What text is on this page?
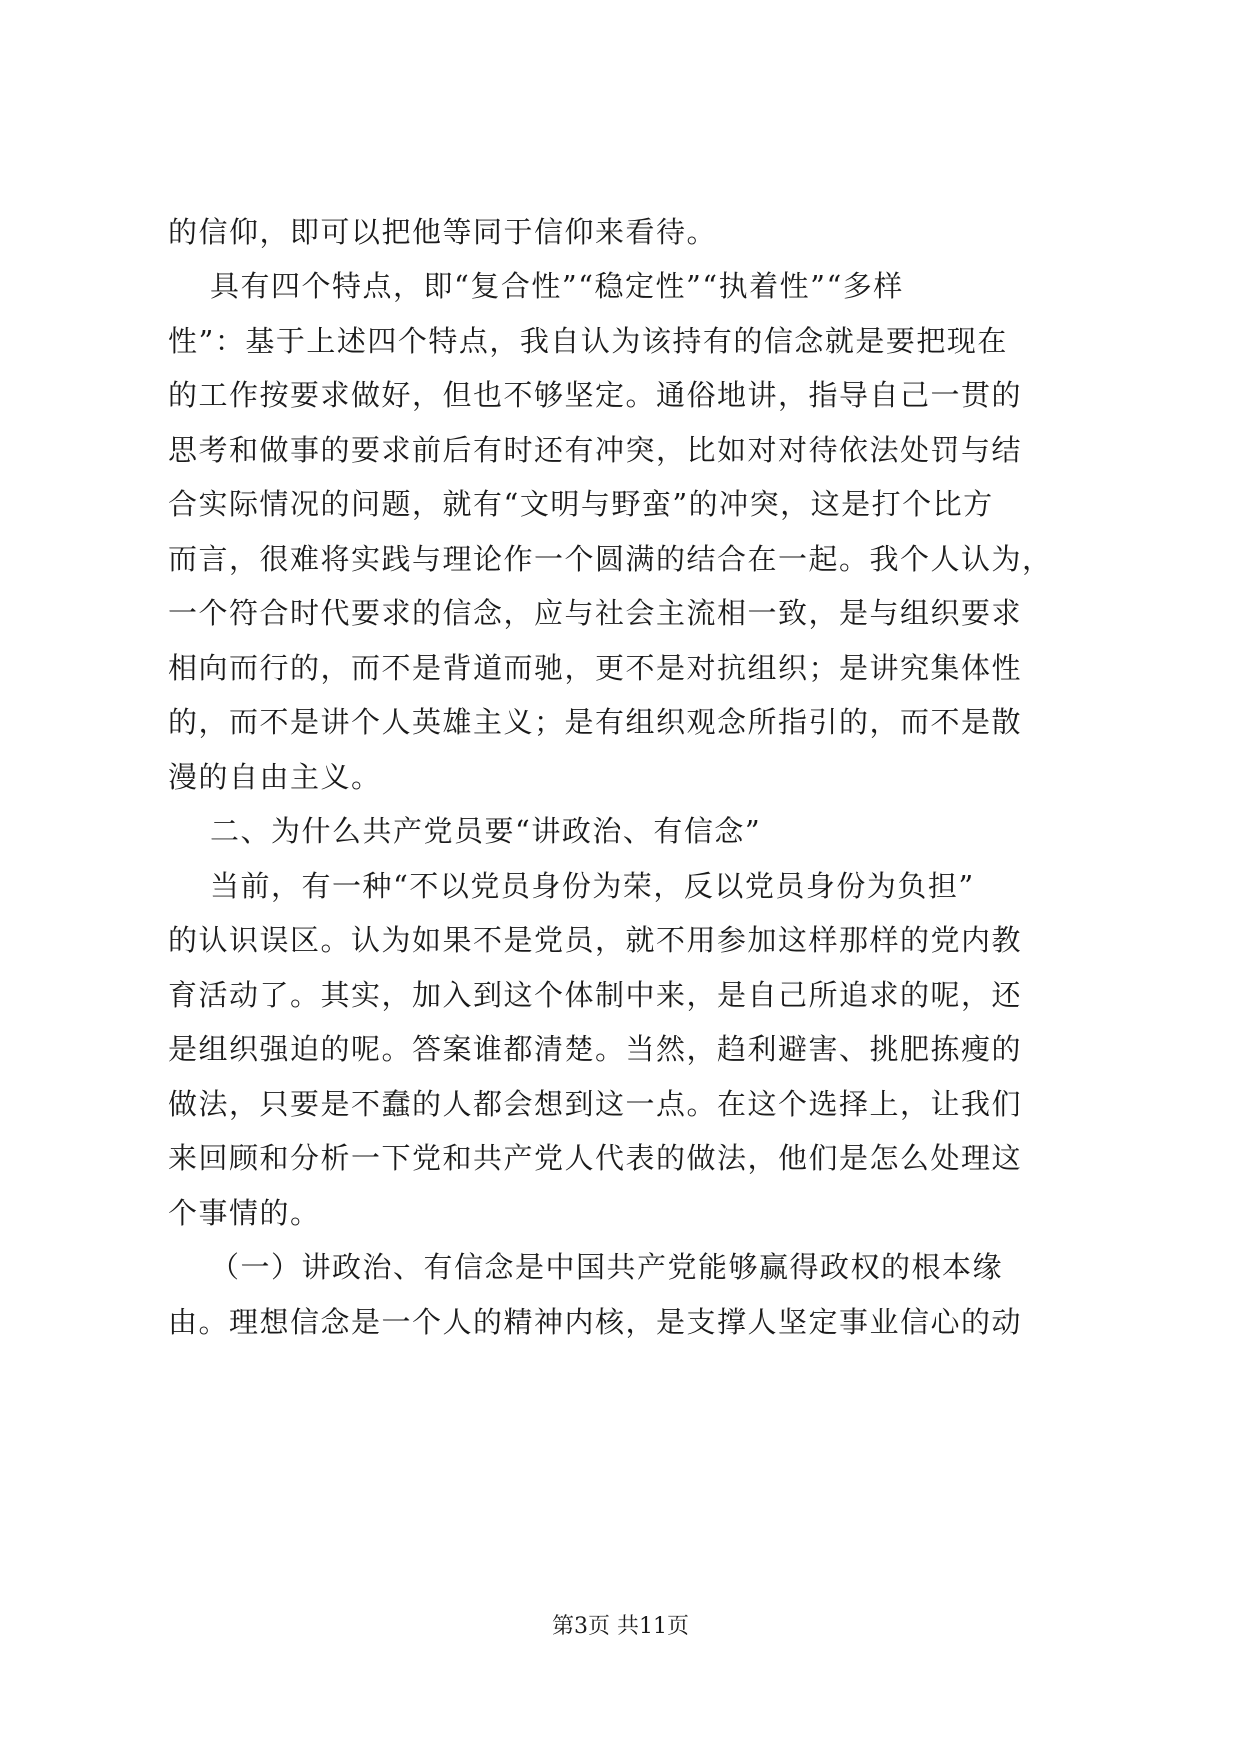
的信仰，即可以把他等同于信仰来看待。
具有四个特点，即“复合性”“稳定性”“执着性”“多样
性”：基于上述四个特点，我自认为该持有的信念就是要把现在
的工作按要求做好，但也不够坚定。通俗地讲，指导自己一贯的
思考和做事的要求前后有时还有冲突，比如对对待依法处罚与结
合实际情况的问题，就有“文明与野蛮”的冲突，这是打个比方
而言，很难将实践与理论作一个圆满的结合在一起。我个人认为，
一个符合时代要求的信念，应与社会主流相一致，是与组织要求
相向而行的，而不是背道而驰，更不是对抗组织；是讲究集体性
的，而不是讲个人英雄主义；是有组织观念所指引的，而不是散
漫的自由主义。
二、为什么共产党员要“讲政治、有信念”
当前，有一种“不以党员身份为荣，反以党员身份为负担”
的认识误区。认为如果不是党员，就不用参加这样那样的党内教
育活动了。其实，加入到这个体制中来，是自己所追求的呢，还
是组织强迫的呢。答案谁都清楚。当然，趋利避害、挑肥拣瘦的
做法，只要是不蠢的人都会想到这一点。在这个选择上，让我们
来回顾和分析一下党和共产党人代表的做法，他们是怎么处理这
个事情的。
（一）讲政治、有信念是中国共产党能够赢得政权的根本缘
由。理想信念是一个人的精神内核，是支撑人坚定事业信心的动
第3页 共11页
